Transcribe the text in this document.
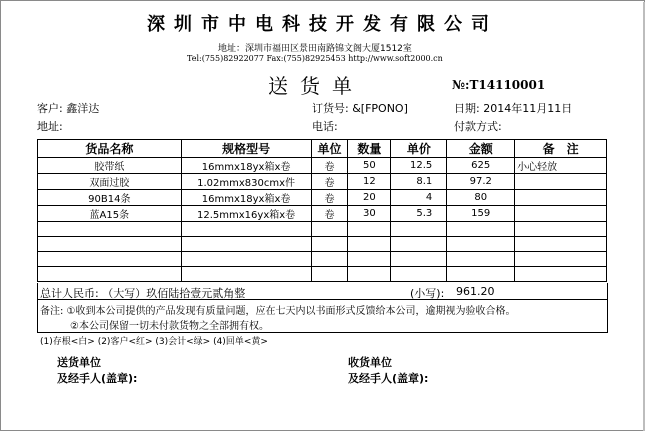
深圳市中电科技开发有限公司
地址：深圳市福田区景田南路锦文阁大厦1512室
Tel:(755)82922077 Fax:(755)82925453 http://www.soft2000.cn
送货单	№:T14110001
客户: 鑫洋达	订货号: &[FPONO]	日期: 2014年11月11日
地址:	电话:	付款方式:
货品名称	规格型号	单位	数量	单价	金额	备　注
胶带纸	16mmx18yx箱x卷	卷	50	12.5	625	小心轻放
双面过胶	1.02mmx830cmx件	卷	12	8.1	97.2	
90B14条	16mmx18yx箱x卷	卷	20	4	80	
蓝A15条	12.5mmx16yx箱x卷	卷	30	5.3	159	

总计人民币: （大写）玖佰陆拾壹元贰角整	(小写): 961.20
备注: ①收到本公司提供的产品发现有质量问题，应在七天内以书面形式反馈给本公司，逾期视为验收合格。
②本公司保留一切未付款货物之全部拥有权。
(1)存根<白> (2)客户<红> (3)会计<绿> (4)回单<黄>
送货单位
及经手人(盖章):
收货单位
及经手人(盖章):
